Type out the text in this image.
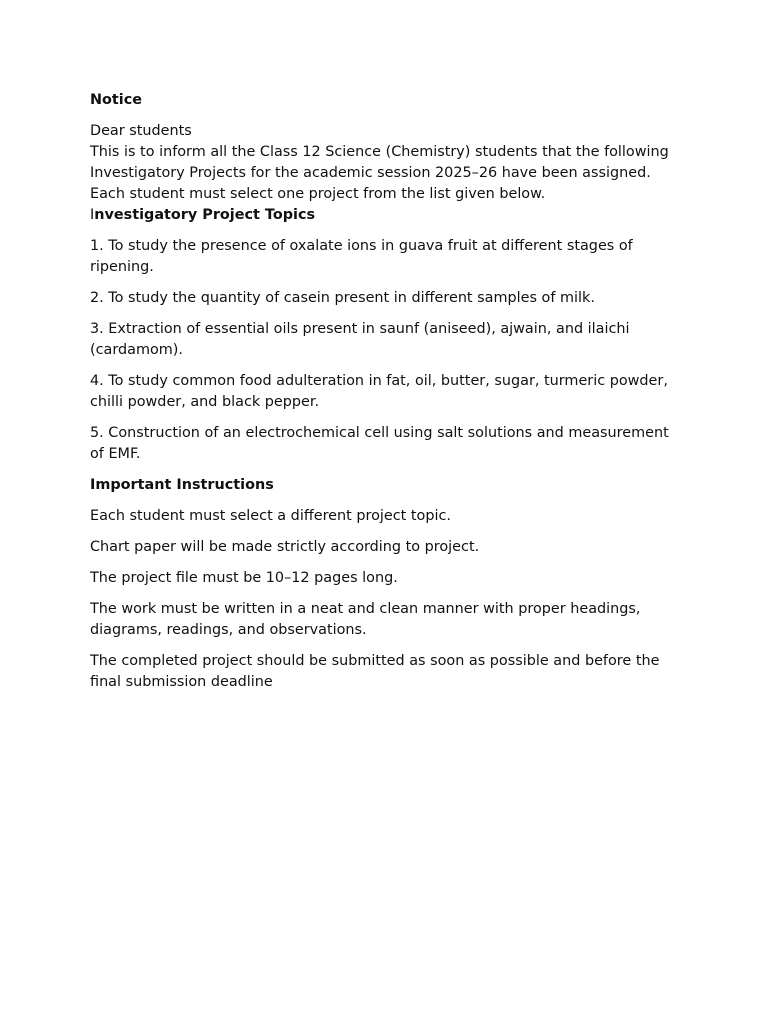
Notice
Dear students
This is to inform all the Class 12 Science (Chemistry) students that the following Investigatory Projects for the academic session 2025–26 have been assigned. Each student must select one project from the list given below.
Investigatory Project Topics
1. To study the presence of oxalate ions in guava fruit at different stages of ripening.
2. To study the quantity of casein present in different samples of milk.
3. Extraction of essential oils present in saunf (aniseed), ajwain, and ilaichi (cardamom).
4. To study common food adulteration in fat, oil, butter, sugar, turmeric powder, chilli powder, and black pepper.
5. Construction of an electrochemical cell using salt solutions and measurement of EMF.
Important Instructions
Each student must select a different project topic.
Chart paper will be made strictly according to project.
The project file must be 10–12 pages long.
The work must be written in a neat and clean manner with proper headings, diagrams, readings, and observations.
The completed project should be submitted as soon as possible and before the final submission deadline
